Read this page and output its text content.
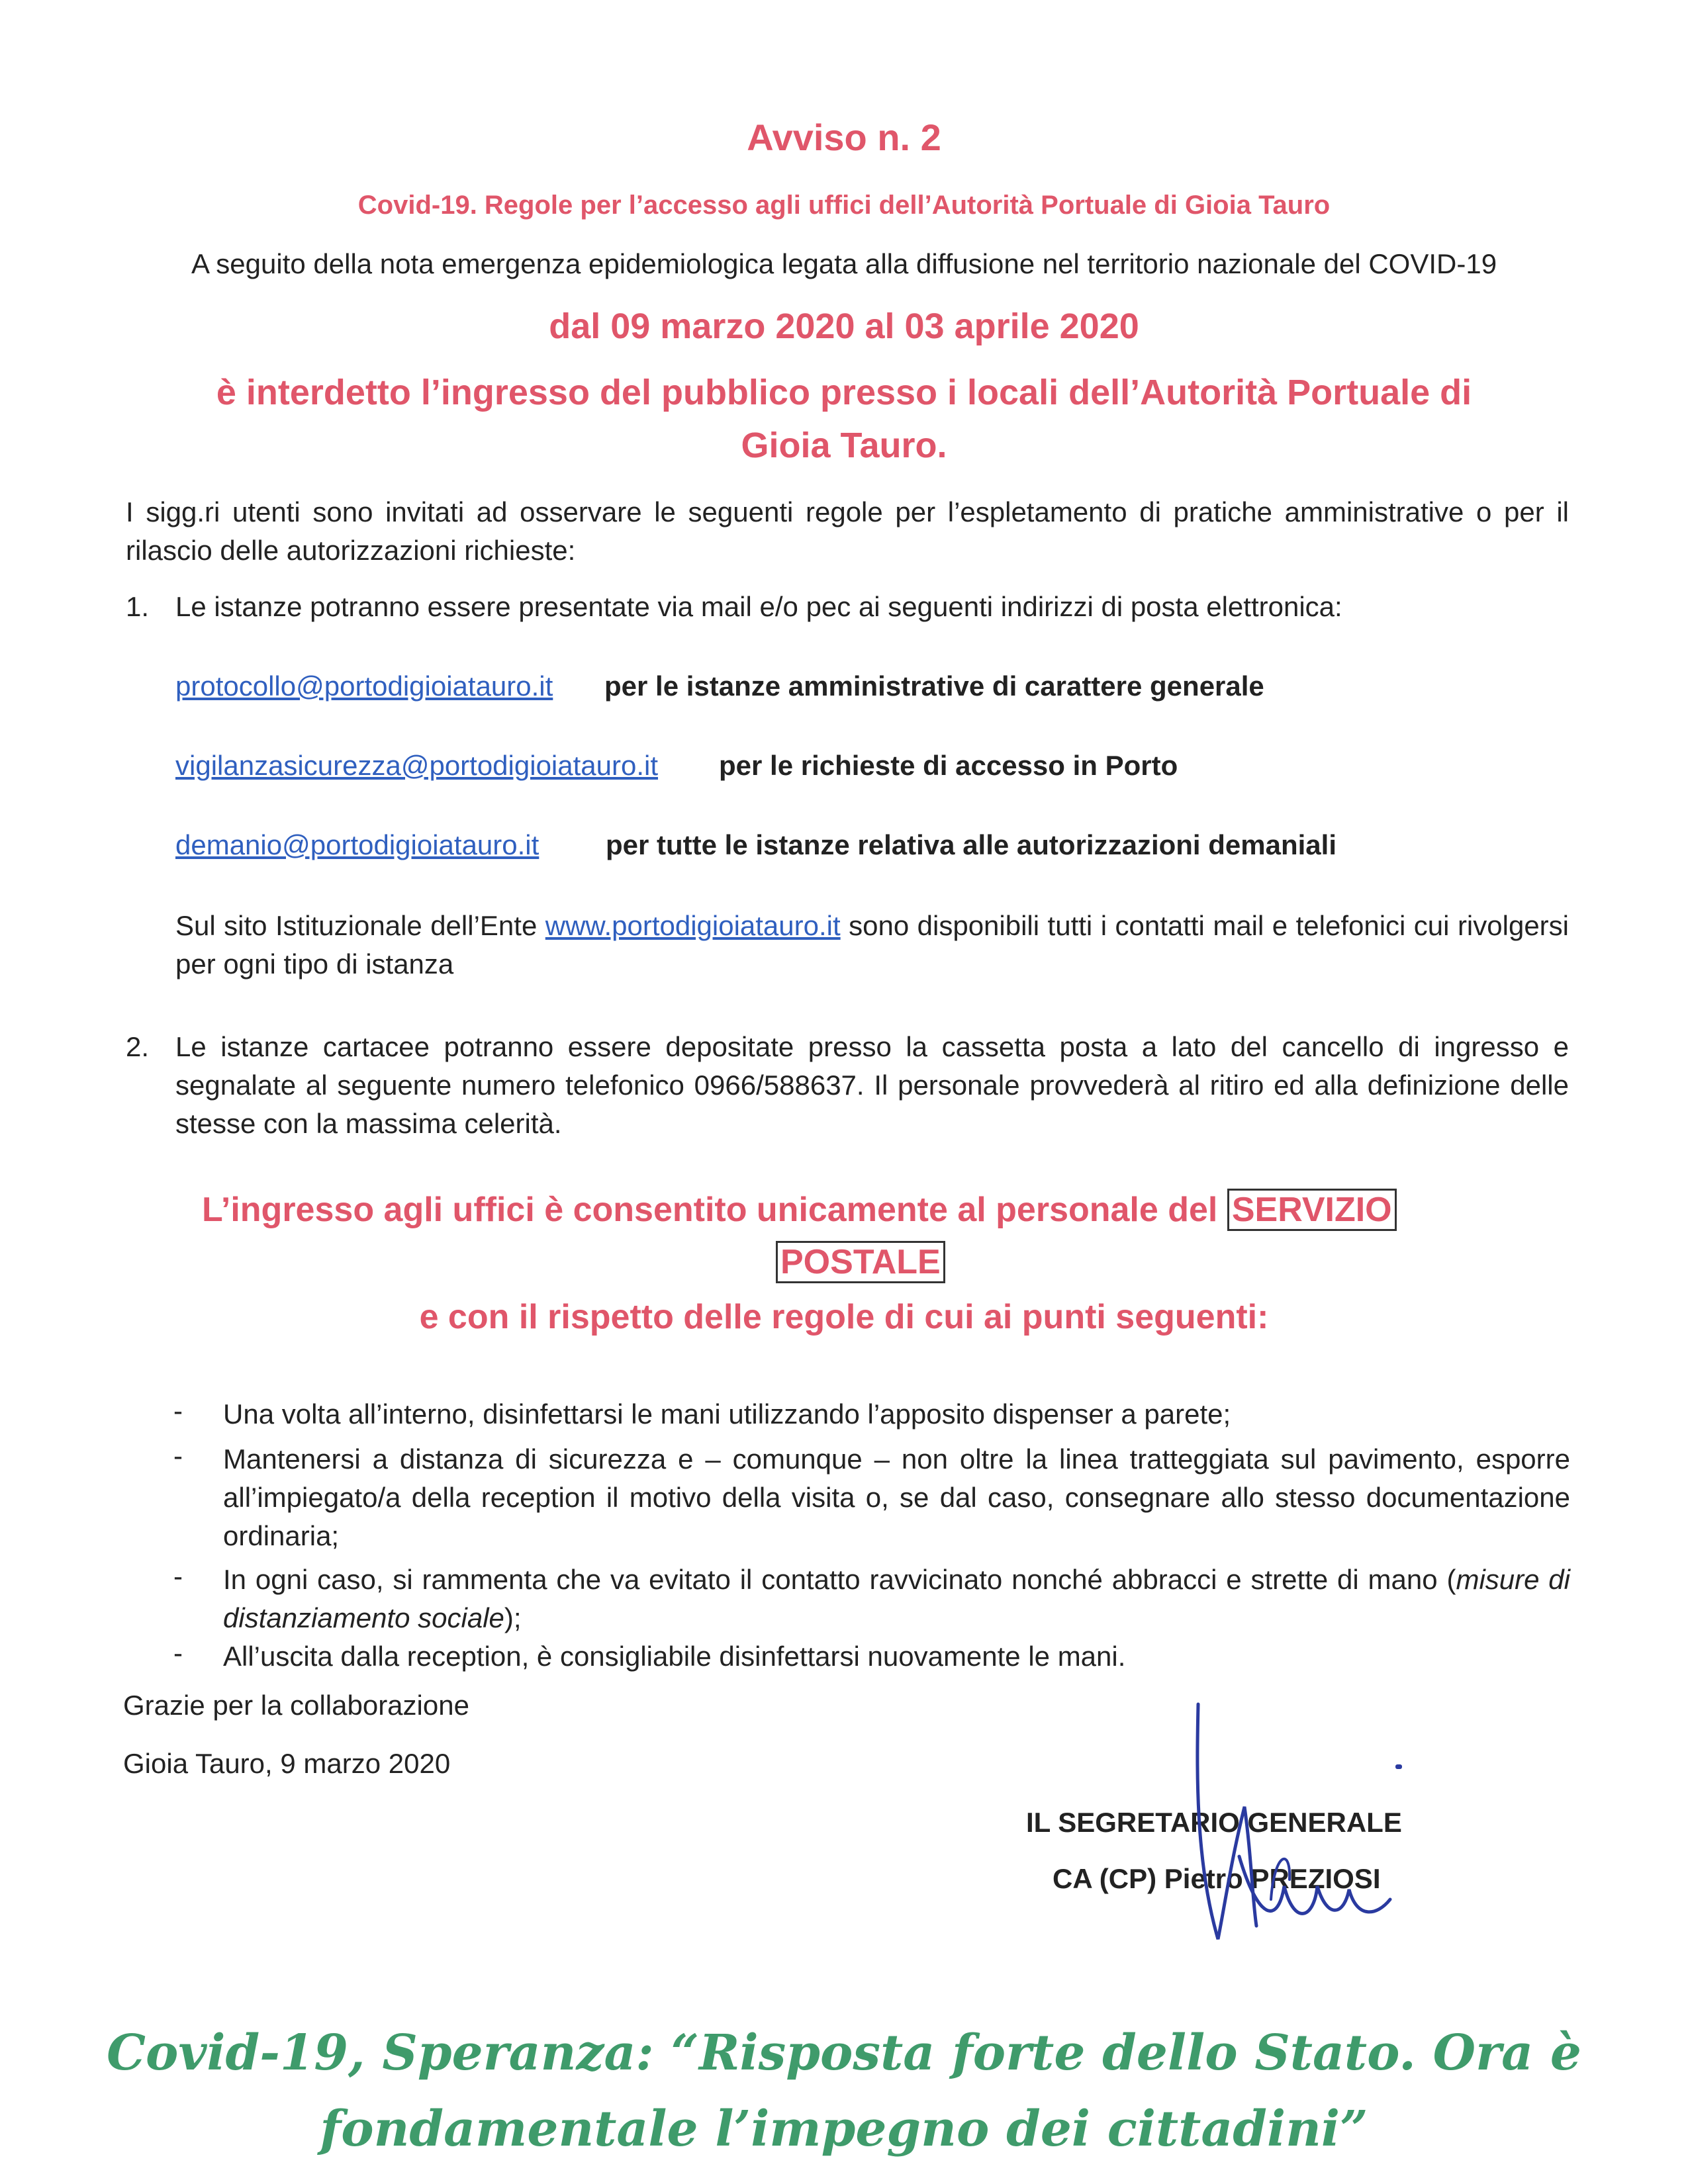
Avviso n. 2
Covid-19. Regole per l’accesso agli uffici dell’Autorità Portuale di Gioia Tauro
A seguito della nota emergenza epidemiologica legata alla diffusione nel territorio nazionale del COVID-19
dal 09 marzo 2020 al 03 aprile 2020
è interdetto l’ingresso del pubblico presso i locali dell’Autorità Portuale di
Gioia Tauro.
I sigg.ri utenti sono invitati ad osservare le seguenti regole per l’espletamento di pratiche amministrative o per il rilascio delle autorizzazioni richieste:
1. Le istanze potranno essere presentate via mail e/o pec ai seguenti indirizzi di posta elettronica:
protocollo@portodigioiatauro.it per le istanze amministrative di carattere generale
vigilanzasicurezza@portodigioiatauro.it per le richieste di accesso in Porto
demanio@portodigioiatauro.it per tutte le istanze relativa alle autorizzazioni demaniali
Sul sito Istituzionale dell’Ente www.portodigioiatauro.it sono disponibili tutti i contatti mail e telefonici cui rivolgersi per ogni tipo di istanza
2. Le istanze cartacee potranno essere depositate presso la cassetta posta a lato del cancello di ingresso e segnalate al seguente numero telefonico 0966/588637. Il personale provvederà al ritiro ed alla definizione delle stesse con la massima celerità.
L’ingresso agli uffici è consentito unicamente al personale del SERVIZIO
POSTALE
e con il rispetto delle regole di cui ai punti seguenti:
- Una volta all’interno, disinfettarsi le mani utilizzando l’apposito dispenser a parete;
- Mantenersi a distanza di sicurezza e – comunque – non oltre la linea tratteggiata sul pavimento, esporre all’impiegato/a della reception il motivo della visita o, se dal caso, consegnare allo stesso documentazione ordinaria;
- In ogni caso, si rammenta che va evitato il contatto ravvicinato nonché abbracci e strette di mano (misure di distanziamento sociale);
- All’uscita dalla reception, è consigliabile disinfettarsi nuovamente le mani.
Grazie per la collaborazione
Gioia Tauro, 9 marzo 2020
IL SEGRETARIO GENERALE
CA (CP) Pietro PREZIOSI
Covid-19, Speranza: “Risposta forte dello Stato. Ora è
fondamentale l’impegno dei cittadini”
